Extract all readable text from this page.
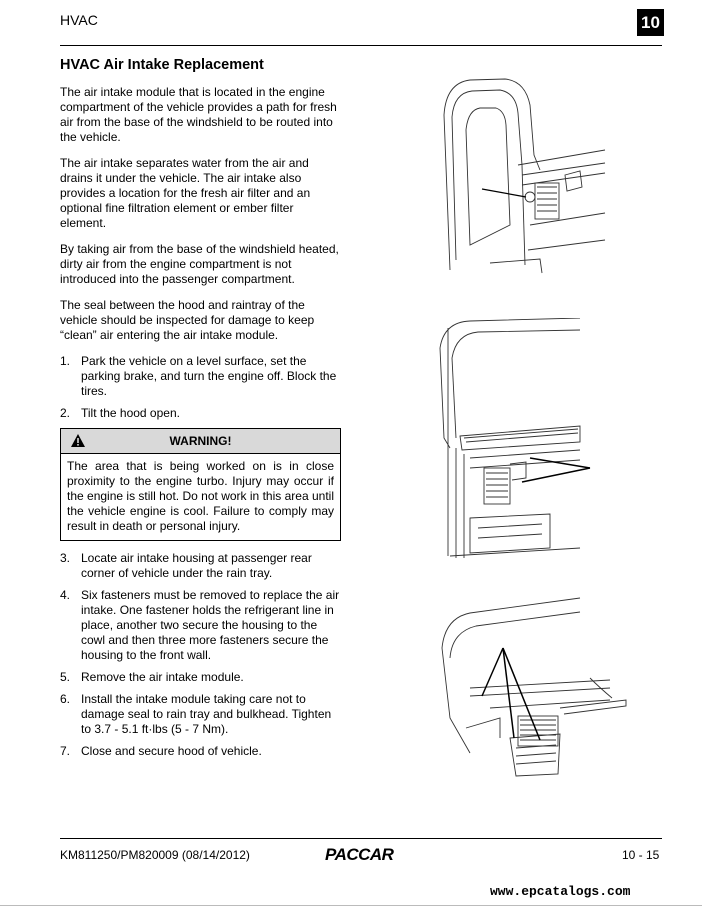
HVAC	10
HVAC Air Intake Replacement

The air intake module that is located in the engine compartment of the vehicle provides a path for fresh air from the base of the windshield to be routed into the vehicle.

The air intake separates water from the air and drains it under the vehicle. The air intake also provides a location for the fresh air filter and an optional fine filtration element or ember filter element.

By taking air from the base of the windshield heated, dirty air from the engine compartment is not introduced into the passenger compartment.

The seal between the hood and raintray of the vehicle should be inspected for damage to keep “clean” air entering the air intake module.

1. Park the vehicle on a level surface, set the parking brake, and turn the engine off. Block the tires.
2. Tilt the hood open.
WARNING!
The area that is being worked on is in close proximity to the engine turbo. Injury may occur if the engine is still hot. Do not work in this area until the vehicle engine is cool. Failure to comply may result in death or personal injury.
3. Locate air intake housing at passenger rear corner of vehicle under the rain tray.
4. Six fasteners must be removed to replace the air intake. One fastener holds the refrigerant line in place, another two secure the housing to the cowl and then three more fasteners secure the housing to the front wall.
5. Remove the air intake module.
6. Install the intake module taking care not to damage seal to rain tray and bulkhead. Tighten to 3.7 - 5.1 ft·lbs (5 - 7 Nm).
7. Close and secure hood of vehicle.
KM811250/PM820009 (08/14/2012)	PACCAR	10 - 15
www.epcatalogs.com
